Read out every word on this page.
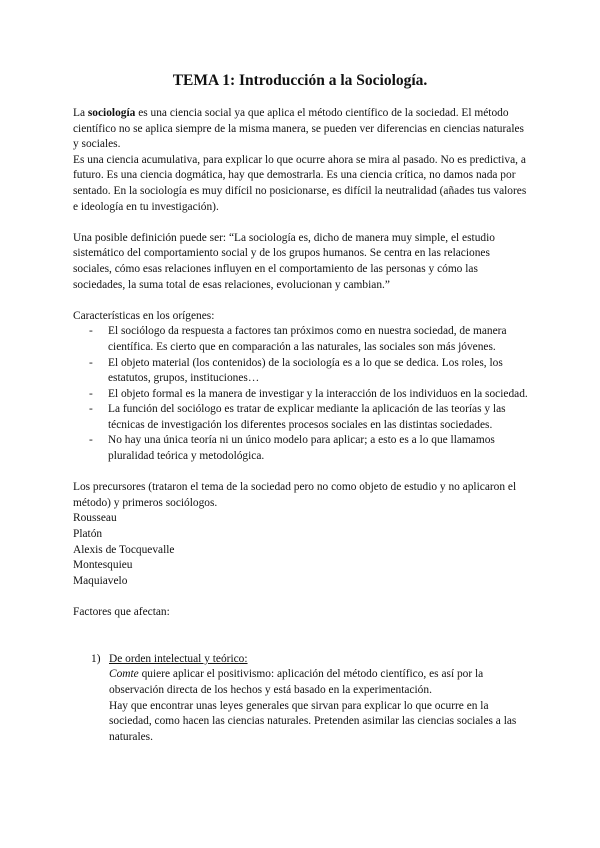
TEMA 1: Introducción a la Sociología.

La sociología es una ciencia social ya que aplica el método científico de la sociedad. El método científico no se aplica siempre de la misma manera, se pueden ver diferencias en ciencias naturales y sociales.

Es una ciencia acumulativa, para explicar lo que ocurre ahora se mira al pasado. No es predictiva, a futuro. Es una ciencia dogmática, hay que demostrarla. Es una ciencia crítica, no damos nada por sentado. En la sociología es muy difícil no posicionarse, es difícil la neutralidad (añades tus valores e ideología en tu investigación).

Una posible definición puede ser: “La sociología es, dicho de manera muy simple, el estudio sistemático del comportamiento social y de los grupos humanos. Se centra en las relaciones sociales, cómo esas relaciones influyen en el comportamiento de las personas y cómo las sociedades, la suma total de esas relaciones, evolucionan y cambian.”

Características en los orígenes:

- El sociólogo da respuesta a factores tan próximos como en nuestra sociedad, de manera científica. Es cierto que en comparación a las naturales, las sociales son más jóvenes.
- El objeto material (los contenidos) de la sociología es a lo que se dedica. Los roles, los estatutos, grupos, instituciones…
- El objeto formal es la manera de investigar y la interacción de los individuos en la sociedad.
- La función del sociólogo es tratar de explicar mediante la aplicación de las teorías y las técnicas de investigación los diferentes procesos sociales en las distintas sociedades.
- No hay una única teoría ni un único modelo para aplicar; a esto es a lo que llamamos pluralidad teórica y metodológica.

Los precursores (trataron el tema de la sociedad pero no como objeto de estudio y no aplicaron el método) y primeros sociólogos.

Rousseau

Platón

Alexis de Tocquevalle

Montesquieu

Maquiavelo

Factores que afectan:

1) De orden intelectual y teórico:

Comte quiere aplicar el positivismo: aplicación del método científico, es así por la observación directa de los hechos y está basado en la experimentación.

Hay que encontrar unas leyes generales que sirvan para explicar lo que ocurre en la sociedad, como hacen las ciencias naturales. Pretenden asimilar las ciencias sociales a las naturales.
